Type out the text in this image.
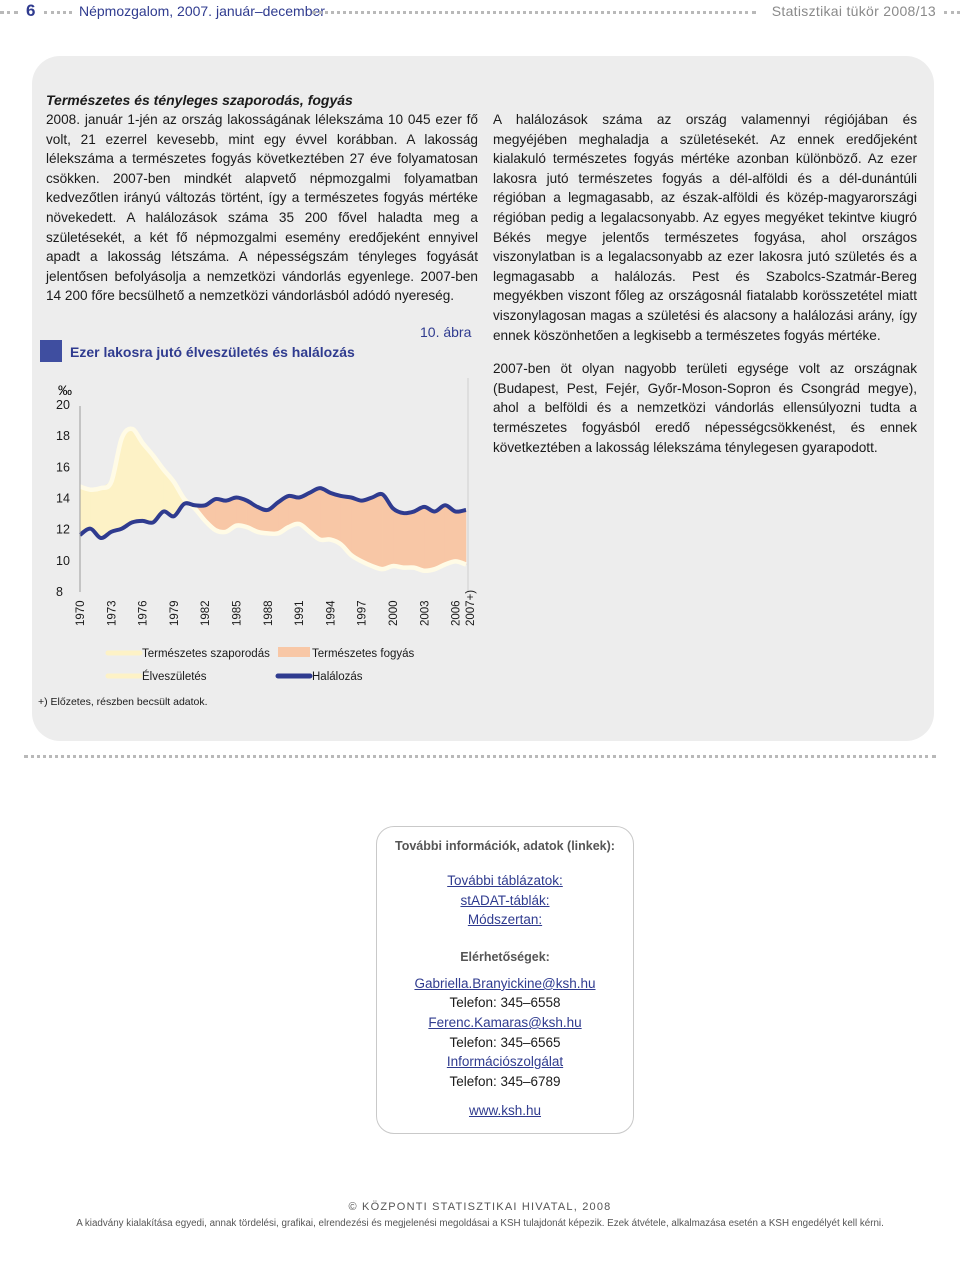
6	Népmozgalom, 2007. január–december	Statisztikai tükör 2008/13
Természetes és tényleges szaporodás, fogyás

2008. január 1-jén az ország lakosságának lélekszáma 10 045 ezer fő volt, 21 ezerrel kevesebb, mint egy évvel korábban. A lakosság lélekszáma a természetes fogyás következtében 27 éve folyamatosan csökken. 2007-ben mindkét alapvető népmozgalmi folyamatban kedvezőtlen irányú változás történt, így a természetes fogyás mértéke növekedett. A halálozások száma 35 200 fővel haladta meg a születésekét, a két fő népmozgalmi esemény eredőjeként ennyivel apadt a lakosság létszáma. A népességszám tényleges fogyását jelentősen befolyásolja a nemzetközi vándorlás egyenlege. 2007-ben 14 200 főre becsülhető a nemzetközi vándorlásból adódó nyereség.

A halálozások száma az ország valamennyi régiójában és megyéjében meghaladja a születésekét. Az ennek eredőjeként kialakuló természetes fogyás mértéke azonban különböző. Az ezer lakosra jutó természetes fogyás a dél-alföldi és a dél-dunántúli régióban a legmagasabb, az észak-alföldi és közép-magyarországi régióban pedig a legalacsonyabb. Az egyes megyéket tekintve kiugró Békés megye jelentős természetes fogyása, ahol országos viszonylatban is a legalacsonyabb az ezer lakosra jutó születés és a legmagasabb a halálozás. Pest és Szabolcs-Szatmár-Bereg megyékben viszont főleg az országosnál fiatalabb korösszetétel miatt viszonylagosan magas a születési és alacsony a halálozási arány, így ennek köszönhetően a legkisebb a természetes fogyás mértéke.

2007-ben öt olyan nagyobb területi egysége volt az országnak (Budapest, Pest, Fejér, Győr-Moson-Sopron és Csongrád megye), ahol a belföldi és a nemzetközi vándorlás ellensúlyozni tudta a természetes fogyásból eredő népességcsökkenést, és ennek következtében a lakosság lélekszáma ténylegesen gyarapodott.

Ezer lakosra jutó élveszületés és halálozás
10. ábra
8
10
12
14
16
18
20
1970 1973 1976 1979 1982 1985 1988 1991 1994 1997 2000 2003 2006 2007+)
‰
Természetes szaporodás	Természetes fogyás
Élveszületés	Halálozás
+) Előzetes, részben becsült adatok.
További információk, adatok (linkek):
További táblázatok:
stADAT-táblák:
Módszertan:
Elérhetőségek:
Gabriella.Branyickine@ksh.hu
Telefon: 345–6558
Ferenc.Kamaras@ksh.hu
Telefon: 345–6565
Információszolgálat
Telefon: 345–6789
www.ksh.hu
© KÖZPONTI STATISZTIKAI HIVATAL, 2008
A kiadvány kialakítása egyedi, annak tördelési, grafikai, elrendezési és megjelenési megoldásai a KSH tulajdonát képezik. Ezek átvétele, alkalmazása esetén a KSH engedélyét kell kérni.
